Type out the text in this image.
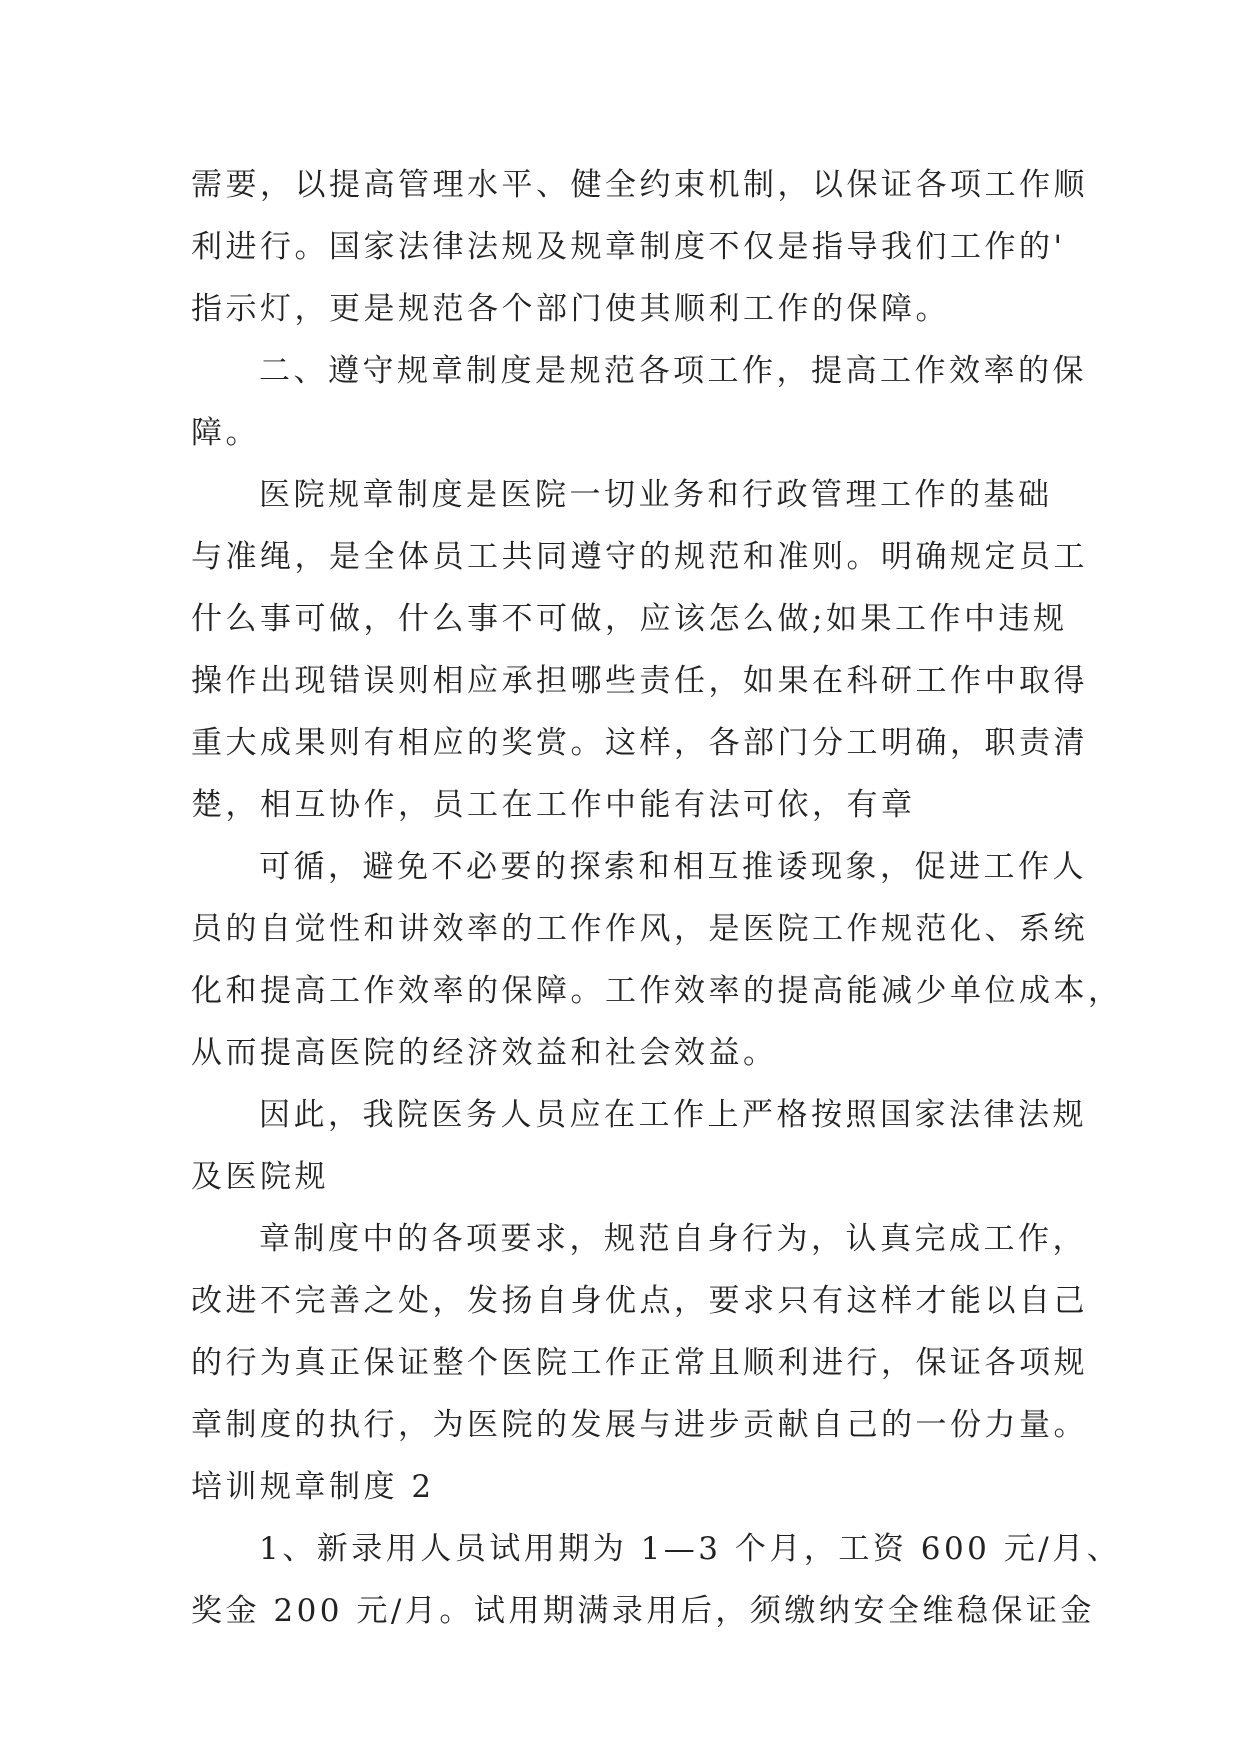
需要，以提高管理水平、健全约束机制，以保证各项工作顺
利进行。国家法律法规及规章制度不仅是指导我们工作的'
指示灯，更是规范各个部门使其顺利工作的保障。
二、遵守规章制度是规范各项工作，提高工作效率的保
障。
医院规章制度是医院一切业务和行政管理工作的基础
与准绳，是全体员工共同遵守的规范和准则。明确规定员工
什么事可做，什么事不可做，应该怎么做;如果工作中违规
操作出现错误则相应承担哪些责任，如果在科研工作中取得
重大成果则有相应的奖赏。这样，各部门分工明确，职责清
楚，相互协作，员工在工作中能有法可依，有章
可循，避免不必要的探索和相互推诿现象，促进工作人
员的自觉性和讲效率的工作作风，是医院工作规范化、系统
化和提高工作效率的保障。工作效率的提高能减少单位成本，
从而提高医院的经济效益和社会效益。
因此，我院医务人员应在工作上严格按照国家法律法规
及医院规
章制度中的各项要求，规范自身行为，认真完成工作，
改进不完善之处，发扬自身优点，要求只有这样才能以自己
的行为真正保证整个医院工作正常且顺利进行，保证各项规
章制度的执行，为医院的发展与进步贡献自己的一份力量。
培训规章制度 2
1、新录用人员试用期为 1—3 个月，工资 600 元/月、
奖金 200 元/月。试用期满录用后，须缴纳安全维稳保证金
